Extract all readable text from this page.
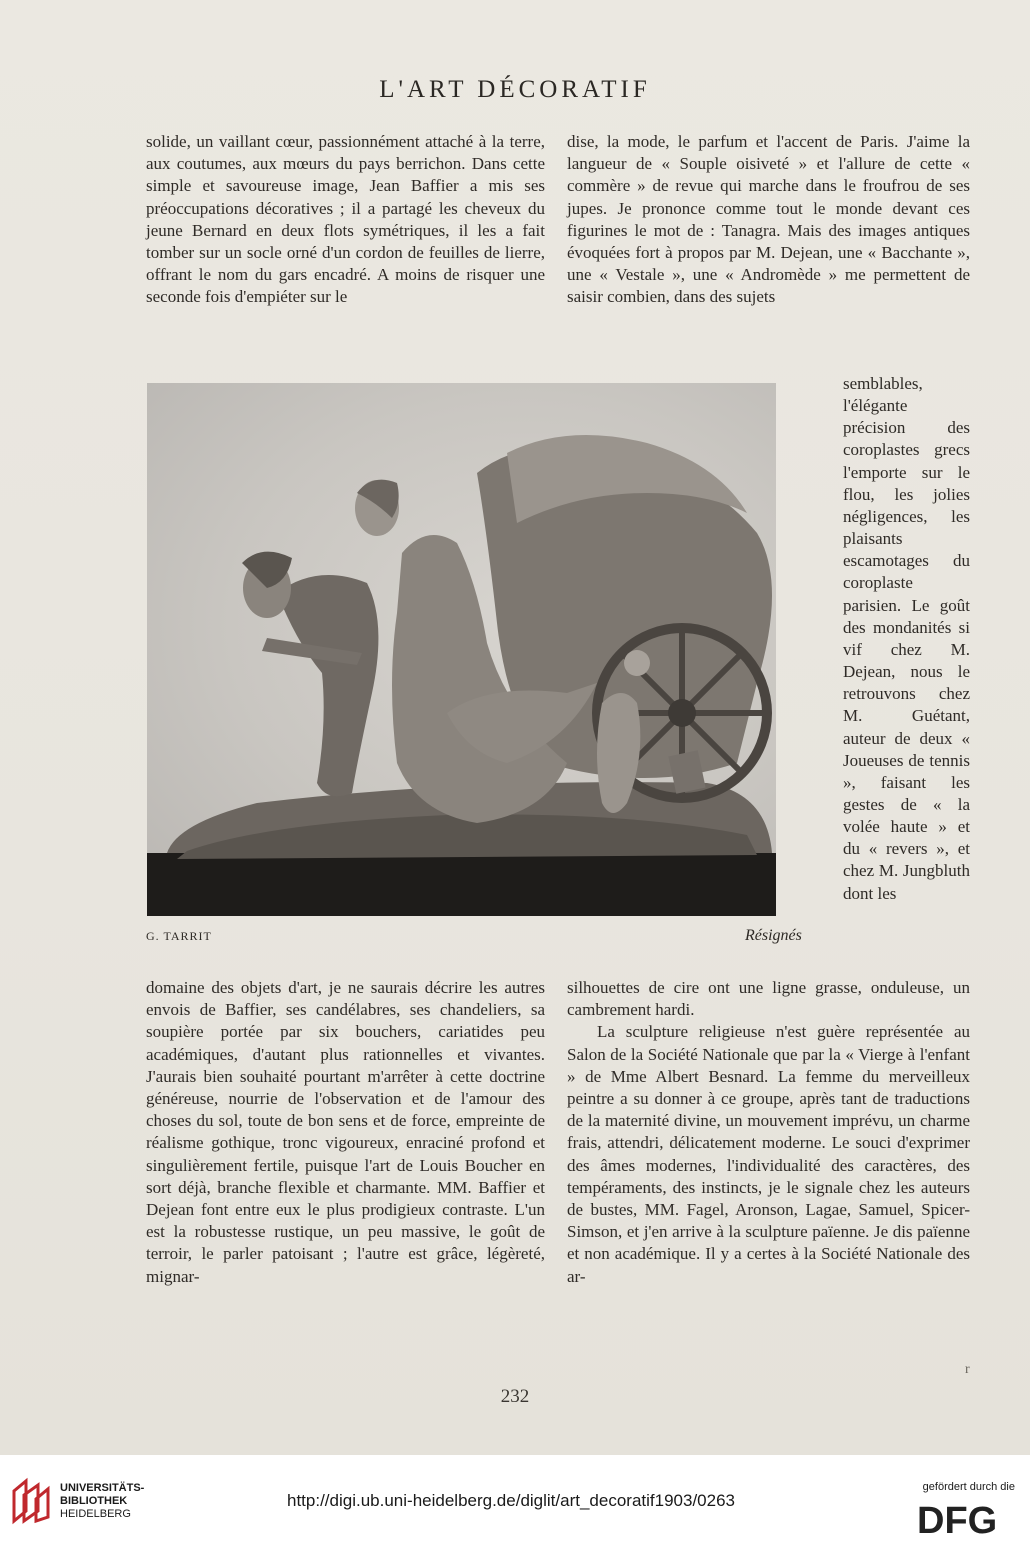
L'ART DÉCORATIF

solide, un vaillant cœur, passionnément attaché à la terre, aux coutumes, aux mœurs du pays berrichon. Dans cette simple et savoureuse image, Jean Baffier a mis ses préoccupations décoratives ; il a partagé les cheveux du jeune Bernard en deux flots symétriques, il les a fait tomber sur un socle orné d'un cordon de feuilles de lierre, offrant le nom du gars encadré. A moins de risquer une seconde fois d'empiéter sur le

dise, la mode, le parfum et l'accent de Paris. J'aime la langueur de « Souple oisiveté » et l'allure de cette « commère » de revue qui marche dans le froufrou de ses jupes. Je prononce comme tout le monde devant ces figurines le mot de : Tanagra. Mais des images antiques évoquées fort à propos par M. Dejean, une « Bacchante », une « Vestale », une « Andromède » me permettent de saisir combien, dans des sujets

semblables, l'élégante précision des coroplastes grecs l'emporte sur le flou, les jolies négligences, les plaisants escamotages du coroplaste parisien. Le goût des mondanités si vif chez M. Dejean, nous le retrouvons chez M. Guétant, auteur de deux « Joueuses de tennis », faisant les gestes de « la volée haute » et du « revers », et chez M. Jungbluth dont les

G. TARRIT	Résignés

domaine des objets d'art, je ne saurais décrire les autres envois de Baffier, ses candélabres, ses chandeliers, sa soupière portée par six bouchers, cariatides peu académiques, d'autant plus rationnelles et vivantes. J'aurais bien souhaité pourtant m'arrêter à cette doctrine généreuse, nourrie de l'observation et de l'amour des choses du sol, toute de bon sens et de force, empreinte de réalisme gothique, tronc vigoureux, enraciné profond et singulièrement fertile, puisque l'art de Louis Boucher en sort déjà, branche flexible et charmante. MM. Baffier et Dejean font entre eux le plus prodigieux contraste. L'un est la robustesse rustique, un peu massive, le goût de terroir, le parler patoisant ; l'autre est grâce, légèreté, mignar-

silhouettes de cire ont une ligne grasse, onduleuse, un cambrement hardi.

La sculpture religieuse n'est guère représentée au Salon de la Société Nationale que par la « Vierge à l'enfant » de Mme Albert Besnard. La femme du merveilleux peintre a su donner à ce groupe, après tant de traductions de la maternité divine, un mouvement imprévu, un charme frais, attendri, délicatement moderne. Le souci d'exprimer des âmes modernes, l'individualité des caractères, des tempéraments, des instincts, je le signale chez les auteurs de bustes, MM. Fagel, Aronson, Lagae, Samuel, Spicer-Simson, et j'en arrive à la sculpture païenne. Je dis païenne et non académique. Il y a certes à la Société Nationale des ar-

232
r
UNIVERSITÄTS-
BIBLIOTHEK
HEIDELBERG
http://digi.ub.uni-heidelberg.de/diglit/art_decoratif1903/0263
gefördert durch die
DFG
